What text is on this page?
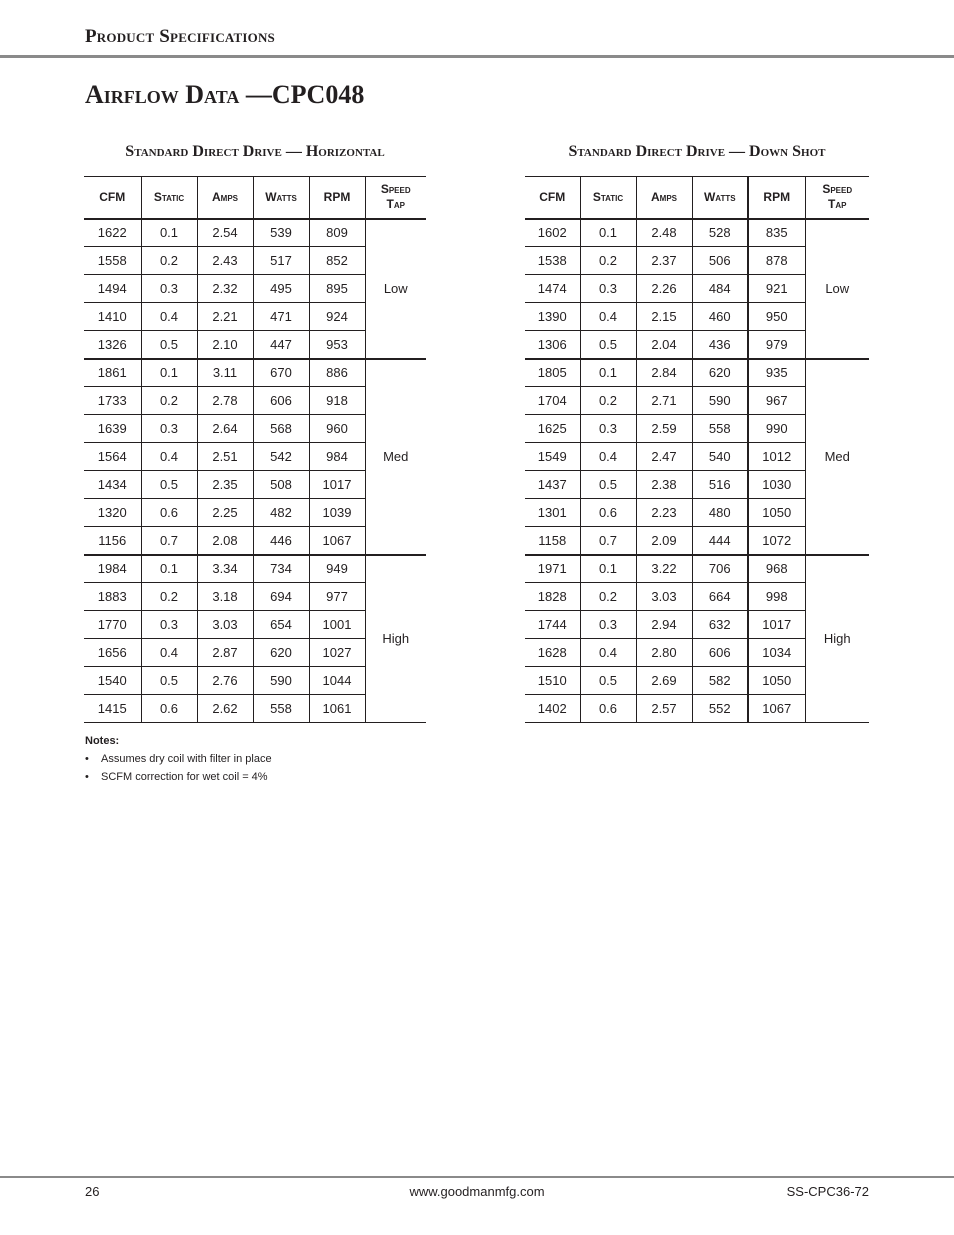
Product Specifications
Airflow Data —CPC048
Standard Direct Drive — Horizontal
CFM	Static	Amps	Watts	RPM	Speed Tap
1622	0.1	2.54	539	809	Low
1558	0.2	2.43	517	852	
1494	0.3	2.32	495	895	
1410	0.4	2.21	471	924	
1326	0.5	2.10	447	953	
1861	0.1	3.11	670	886	Med
1733	0.2	2.78	606	918	
1639	0.3	2.64	568	960	
1564	0.4	2.51	542	984	
1434	0.5	2.35	508	1017	
1320	0.6	2.25	482	1039	
1156	0.7	2.08	446	1067	
1984	0.1	3.34	734	949	High
1883	0.2	3.18	694	977	
1770	0.3	3.03	654	1001	
1656	0.4	2.87	620	1027	
1540	0.5	2.76	590	1044	
1415	0.6	2.62	558	1061	
Standard Direct Drive — Down Shot
CFM	Static	Amps	Watts	RPM	Speed Tap
1602	0.1	2.48	528	835	Low
1538	0.2	2.37	506	878	
1474	0.3	2.26	484	921	
1390	0.4	2.15	460	950	
1306	0.5	2.04	436	979	
1805	0.1	2.84	620	935	Med
1704	0.2	2.71	590	967	
1625	0.3	2.59	558	990	
1549	0.4	2.47	540	1012	
1437	0.5	2.38	516	1030	
1301	0.6	2.23	480	1050	
1158	0.7	2.09	444	1072	
1971	0.1	3.22	706	968	High
1828	0.2	3.03	664	998	
1744	0.3	2.94	632	1017	
1628	0.4	2.80	606	1034	
1510	0.5	2.69	582	1050	
1402	0.6	2.57	552	1067	
Notes:
• Assumes dry coil with filter in place
• SCFM correction for wet coil = 4%
26	www.goodmanmfg.com	SS-CPC36-72
